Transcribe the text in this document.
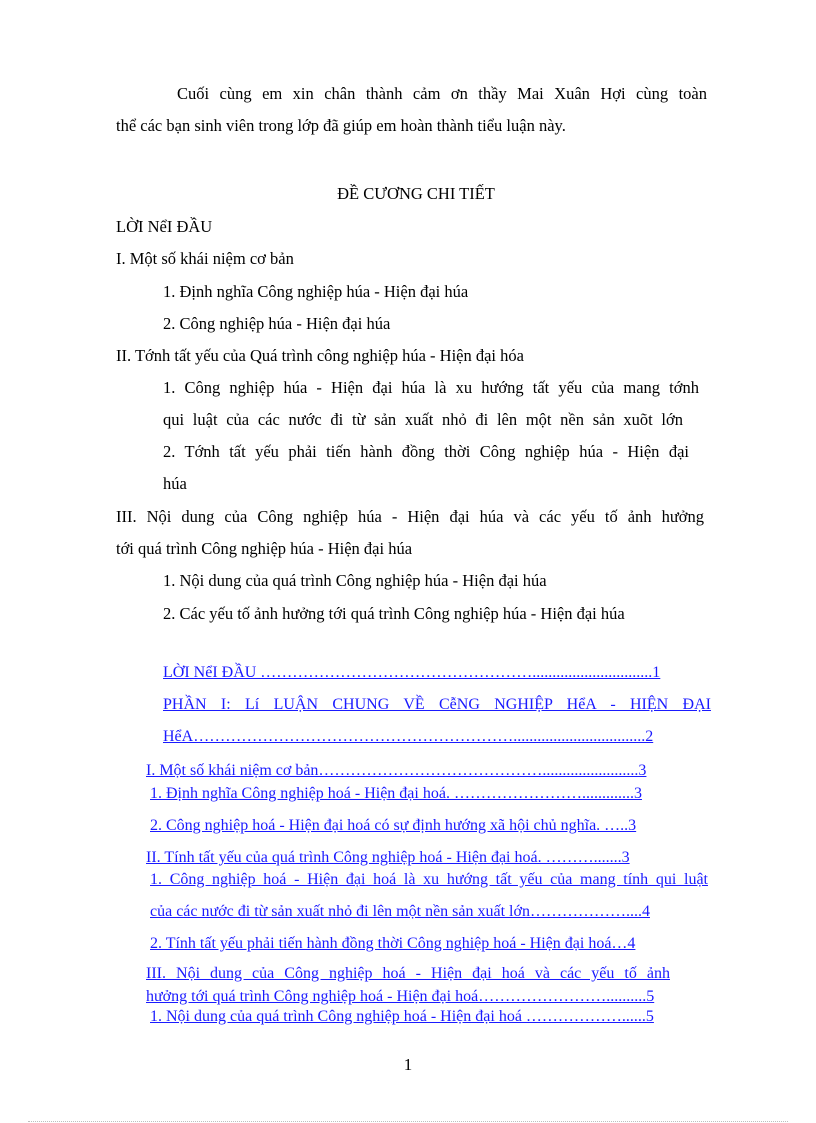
Cuối cùng em xin chân thành cảm ơn thầy Mai Xuân Hợi cùng toàn
thể các bạn sinh viên trong lớp đã giúp em hoàn thành tiểu luận này.
ĐỀ CƯƠNG CHI TIẾT
LỜI NểI ĐẦU
I. Một số khái niệm cơ bản
1. Định nghĩa Công nghiệp húa - Hiện đại húa
2. Công nghiệp húa - Hiện đại húa
II. Tớnh tất yếu của Quá trình công nghiệp húa - Hiện đại hóa
1. Công nghiệp húa - Hiện đại húa là xu hướng tất yếu của mang tớnh
qui luật của các nước đi từ sản xuất nhỏ đi lên một nền sản xuõt lớn
2. Tớnh tất yếu phải tiến hành đồng thời Công nghiệp húa - Hiện đại
húa
III. Nội dung của Công nghiệp húa - Hiện đại húa và các yếu tố ảnh hưởng
tới quá trình Công nghiệp húa - Hiện đại húa
1. Nội dung của quá trình Công nghiệp húa - Hiện đại húa
2. Các yếu tố ảnh hưởng tới quá trình Công nghiệp húa - Hiện đại húa
LỜI NểI ĐẦU ……………………………………………..............................1
PHẦN I: Lí LUẬN CHUNG VỀ CễNG NGHIỆP HểA - HIỆN ĐẠI
HểA…………………………………………………….................................2
I. Một số khái niệm cơ bản……………………………………........................3
1. Định nghĩa Công nghiệp hoá - Hiện đại hoá. …………………….............3
2. Công nghiệp hoá - Hiện đại hoá có sự định hướng xã hội chủ nghĩa. …..3
II. Tính tất yếu của quá trình Công nghiệp hoá - Hiện đại hoá. ……….......3
1. Công nghiệp hoá - Hiện đại hoá là xu hướng tất yếu của mang tính qui luật
của các nước đi từ sản xuất nhỏ đi lên một nền sản xuất lớn………………....4
2. Tính tất yếu phải tiến hành đồng thời Công nghiệp hoá - Hiện đại hoá…4
III. Nội dung của Công nghiệp hoá - Hiện đại hoá và các yếu tố ảnh
hưởng tới quá trình Công nghiệp hoá - Hiện đại hoá……………………..........5
1. Nội dung của quá trình Công nghiệp hoá - Hiện đại hoá ………………......5
1
